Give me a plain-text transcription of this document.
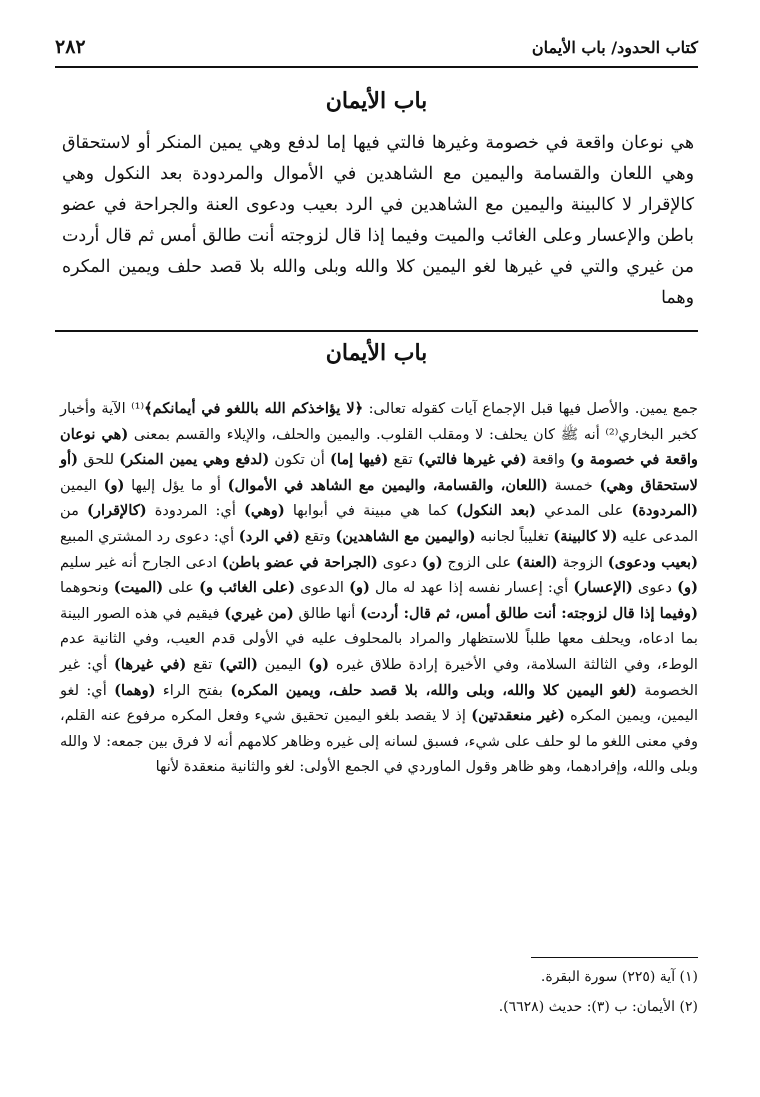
كتاب الحدود/ باب الأيمان
٢٨٢
باب الأيمان
هي نوعان واقعة في خصومة وغيرها فالتي فيها إما لدفع وهي يمين المنكر أو لاستحقاق وهي اللعان والقسامة واليمين مع الشاهدين في الأموال والمردودة بعد النكول وهي كالإقرار لا كالبينة واليمين مع الشاهدين في الرد بعيب ودعوى العنة والجراحة في عضو باطن والإعسار وعلى الغائب والميت وفيما إذا قال لزوجته أنت طالق أمس ثم قال أردت من غيري والتي في غيرها لغو اليمين كلا والله وبلى والله بلا قصد حلف ويمين المكره وهما
باب الأيمان
جمع يمين. والأصل فيها قبل الإجماع آيات كقوله تعالى: ﴿لا يؤاخذكم الله باللغو في أيمانكم﴾⁽¹⁾ الآية وأخبار كخبر البخاري⁽²⁾ أنه ﷺ كان يحلف: لا ومقلب القلوب. واليمين والحلف، والإيلاء والقسم بمعنى (هي نوعان واقعة في خصومة و) واقعة (في غيرها فالتي) تقع (فيها إما) أن تكون (لدفع وهي يمين المنكر) للحق (أو لاستحقاق وهي) خمسة (اللعان، والقسامة، واليمين مع الشاهد في الأموال) أو ما يؤل إليها (و) اليمين (المردودة) على المدعي (بعد النكول) كما هي مبينة في أبوابها (وهي) أي: المردودة (كالإقرار) من المدعى عليه (لا كالبينة) تغليباً لجانبه (واليمين مع الشاهدين) وتقع (في الرد) أي: دعوى رد المشتري المبيع (بعيب ودعوى) الزوجة (العنة) على الزوج (و) دعوى (الجراحة في عضو باطن) ادعى الجارح أنه غير سليم (و) دعوى (الإعسار) أي: إعسار نفسه إذا عهد له مال (و) الدعوى (على الغائب و) على (الميت) ونحوهما (وفيما إذا قال لزوجته: أنت طالق أمس، ثم قال: أردت) أنها طالق (من غيري) فيقيم في هذه الصور البينة بما ادعاه، ويحلف معها طلباً للاستظهار والمراد بالمحلوف عليه في الأولى قدم العيب، وفي الثانية عدم الوطء، وفي الثالثة السلامة، وفي الأخيرة إرادة طلاق غيره (و) اليمين (التي) تقع (في غيرها) أي: غير الخصومة (لغو اليمين كلا والله، وبلى والله، بلا قصد حلف، ويمين المكره) بفتح الراء (وهما) أي: لغو اليمين، ويمين المكره (غير منعقدتين) إذ لا يقصد بلغو اليمين تحقيق شيء وفعل المكره مرفوع عنه القلم، وفي معنى اللغو ما لو حلف على شيء، فسبق لسانه إلى غيره وظاهر كلامهم أنه لا فرق بين جمعه: لا والله وبلى والله، وإفرادهما، وهو ظاهر وقول الماوردي في الجمع الأولى: لغو والثانية منعقدة لأنها
(١) آية (٢٢٥) سورة البقرة.
(٢) الأيمان: ب (٣): حديث (٦٦٢٨).
